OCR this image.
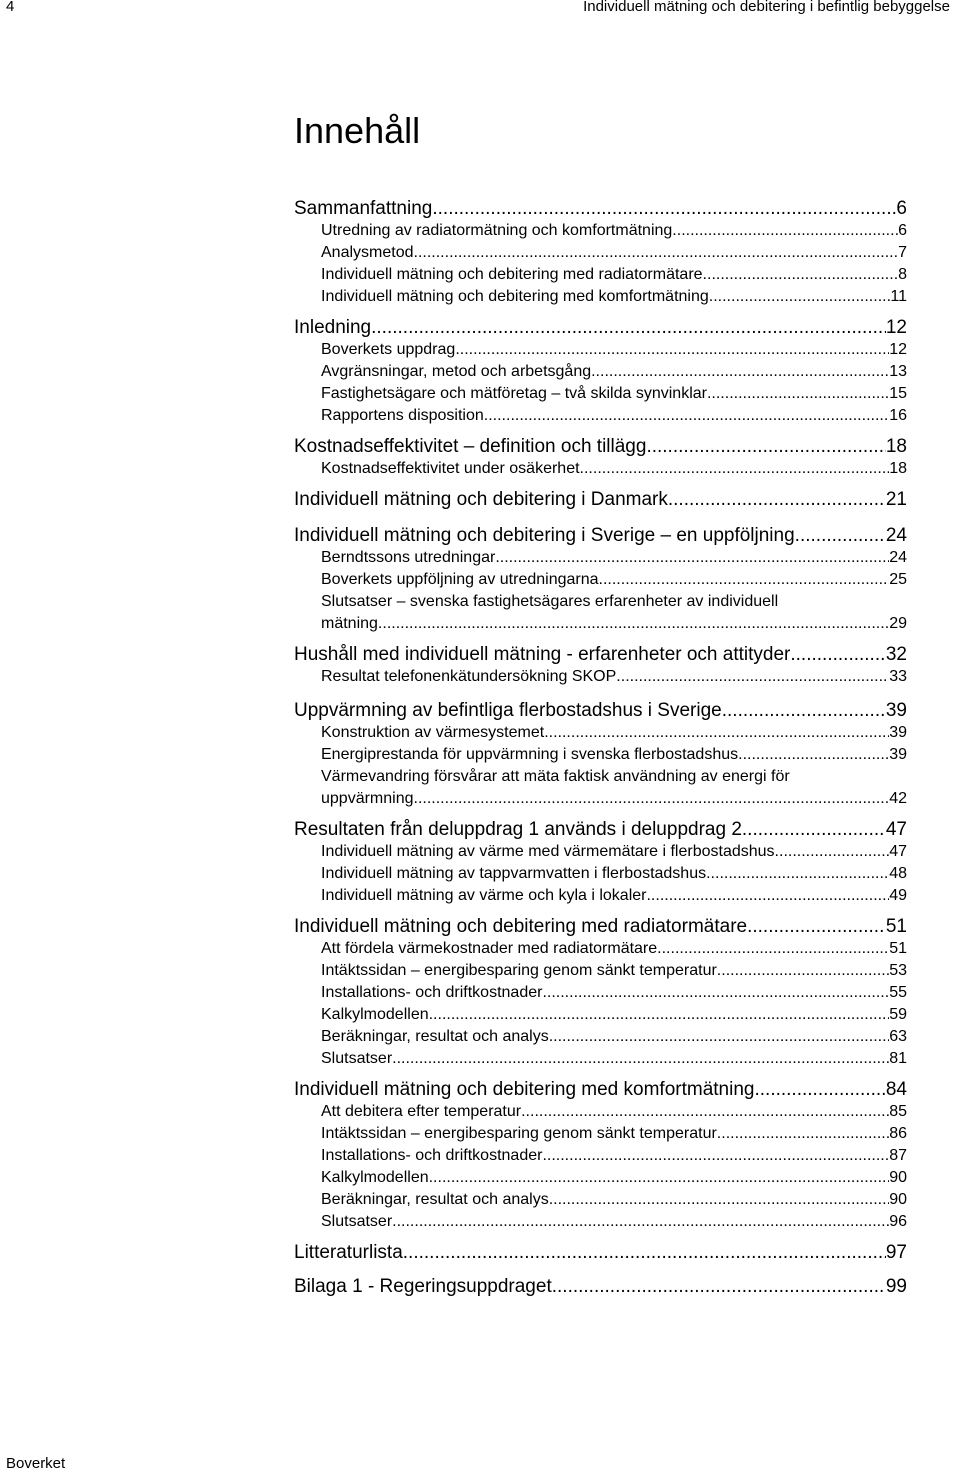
4	Individuell mätning och debitering i befintlig bebyggelse
Innehåll
Sammanfattning .....	6
Utredning av radiatormätning och komfortmätning .....	6
Analysmetod .....	7
Individuell mätning och debitering med radiatormätare .....	8
Individuell mätning och debitering med komfortmätning .....	11
Inledning .....	12
Boverkets uppdrag .....	12
Avgränsningar, metod och arbetsgång .....	13
Fastighetsägare och mätföretag – två skilda synvinklar .....	15
Rapportens disposition .....	16
Kostnadseffektivitet – definition och tillägg .....	18
Kostnadseffektivitet under osäkerhet .....	18
Individuell mätning och debitering i Danmark .....	21
Individuell mätning och debitering i Sverige – en uppföljning .....	24
Berndtssons utredningar .....	24
Boverkets uppföljning av utredningarna .....	25
Slutsatser – svenska fastighetsägares erfarenheter av individuell
mätning .....	29
Hushåll med individuell mätning - erfarenheter och attityder .....	32
Resultat telefonenkätundersökning SKOP .....	33
Uppvärmning av befintliga flerbostadshus i Sverige .....	39
Konstruktion av värmesystemet .....	39
Energiprestanda för uppvärmning i svenska flerbostadshus .....	39
Värmevandring försvårar att mäta faktisk användning av energi för
uppvärmning .....	42
Resultaten från deluppdrag 1 används i deluppdrag 2 .....	47
Individuell mätning av värme med värmemätare i flerbostadshus .....	47
Individuell mätning av tappvarmvatten i flerbostadshus .....	48
Individuell mätning av värme och kyla i lokaler .....	49
Individuell mätning och debitering med radiatormätare .....	51
Att fördela värmekostnader med radiatormätare .....	51
Intäktssidan – energibesparing genom sänkt temperatur .....	53
Installations- och driftkostnader .....	55
Kalkylmodellen .....	59
Beräkningar, resultat och analys .....	63
Slutsatser .....	81
Individuell mätning och debitering med komfortmätning .....	84
Att debitera efter temperatur .....	85
Intäktssidan – energibesparing genom sänkt temperatur .....	86
Installations- och driftkostnader .....	87
Kalkylmodellen .....	90
Beräkningar, resultat och analys .....	90
Slutsatser .....	96
Litteraturlista .....	97
Bilaga 1 - Regeringsuppdraget .....	99
Boverket
